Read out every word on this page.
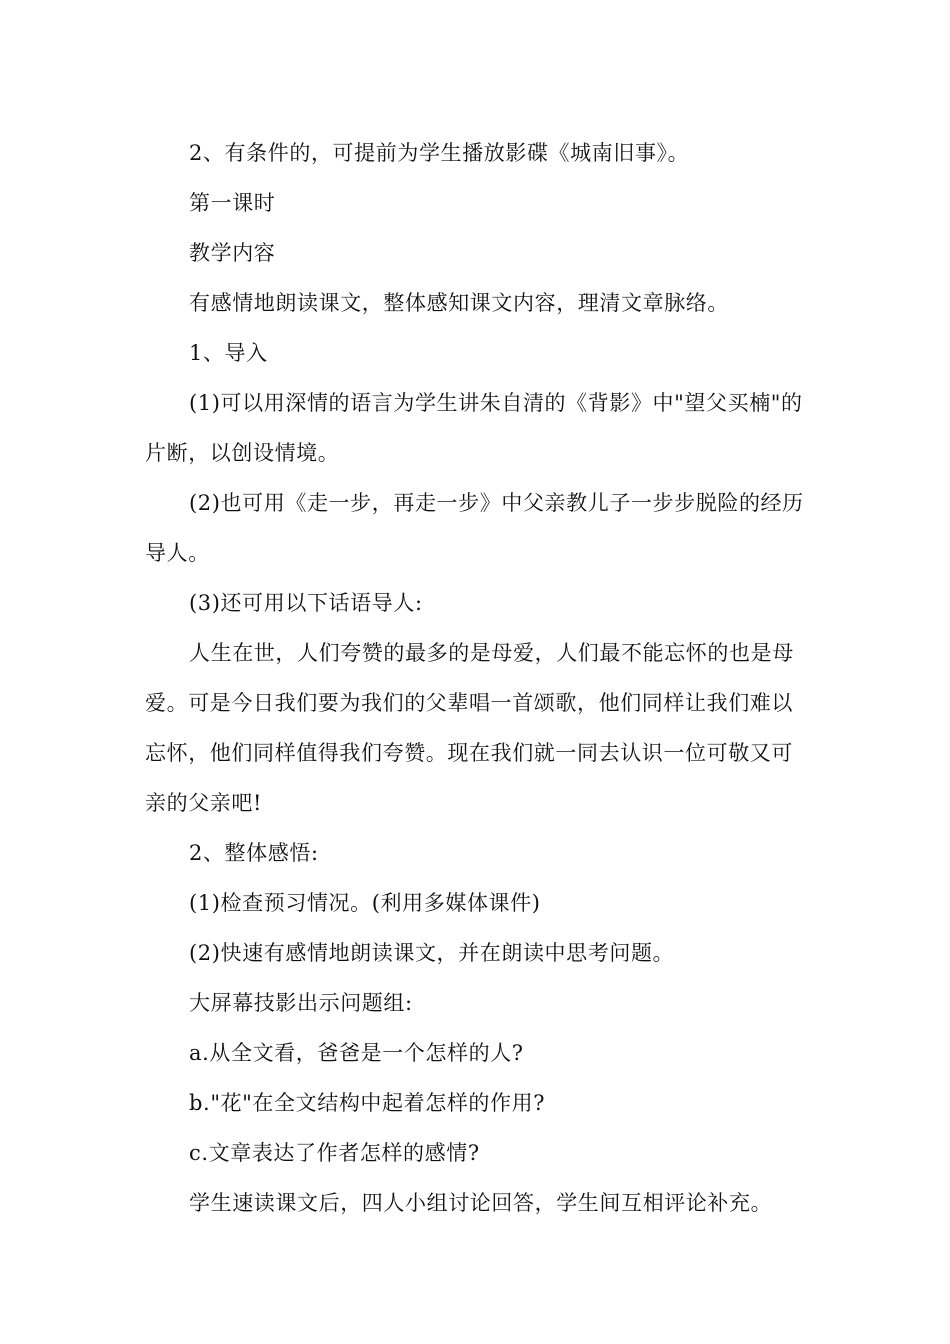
2、有条件的，可提前为学生播放影碟《城南旧事》。

第一课时

教学内容

有感情地朗读课文，整体感知课文内容，理清文章脉络。

1、导入

(1)可以用深情的语言为学生讲朱自清的《背影》中"望父买楠"的片断，以创设情境。

(2)也可用《走一步，再走一步》中父亲教儿子一步步脱险的经历导人。

(3)还可用以下话语导人:

人生在世，人们夸赞的最多的是母爱，人们最不能忘怀的也是母爱。可是今日我们要为我们的父辈唱一首颂歌，他们同样让我们难以忘怀，他们同样值得我们夸赞。现在我们就一同去认识一位可敬又可亲的父亲吧!

2、整体感悟:

(1)检查预习情况。(利用多媒体课件)

(2)快速有感情地朗读课文，并在朗读中思考问题。

大屏幕技影出示问题组:

a.从全文看，爸爸是一个怎样的人?

b."花"在全文结构中起着怎样的作用?

c.文章表达了作者怎样的感情?

学生速读课文后，四人小组讨论回答，学生间互相评论补充。
